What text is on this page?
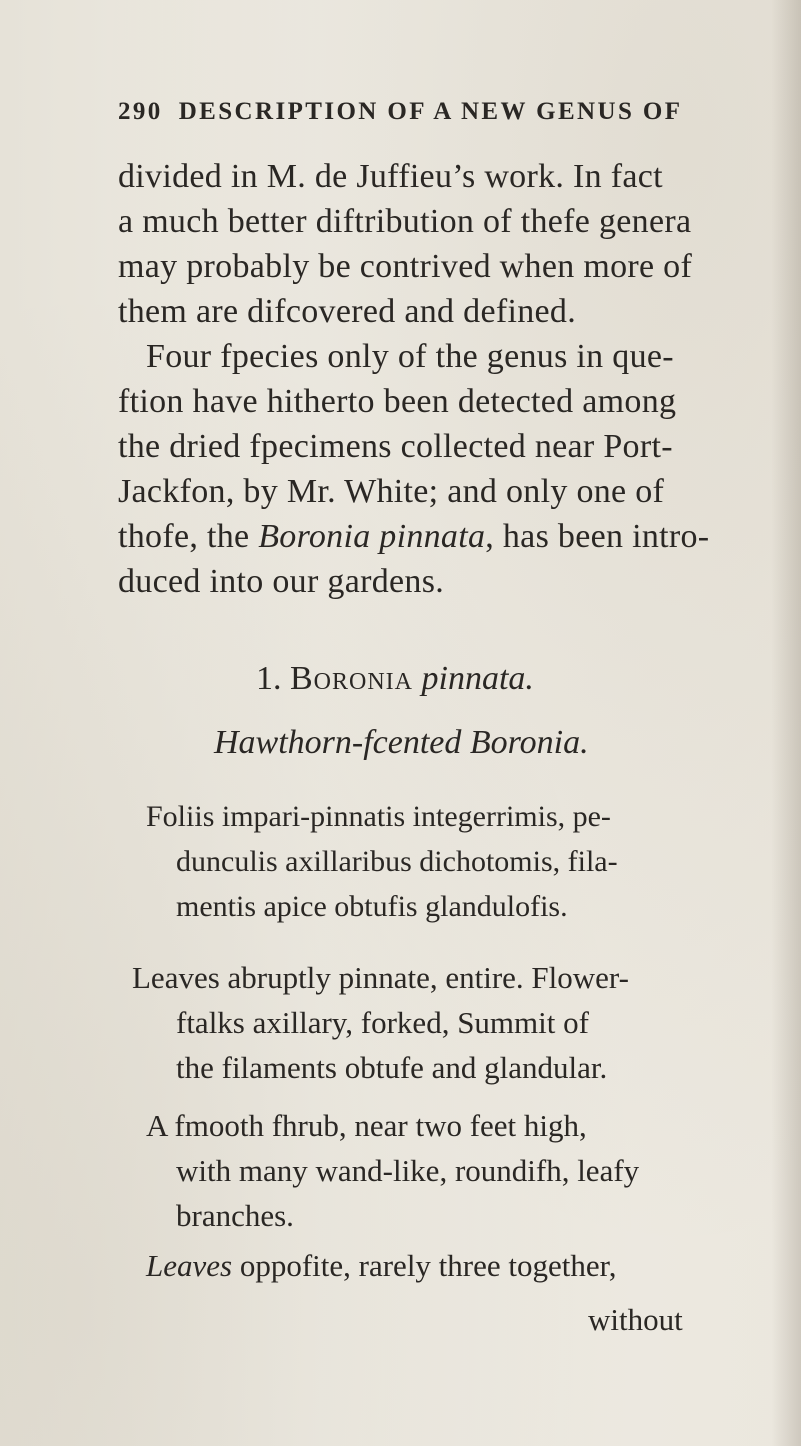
290 DESCRIPTION OF A NEW GENUS OF
divided in M. de Juffieu’s work. In fact
a much better diftribution of thefe genera
may probably be contrived when more of
them are difcovered and defined.
Four fpecies only of the genus in que-
ftion have hitherto been detected among
the dried fpecimens collected near Port-
Jackfon, by Mr. White; and only one of
thofe, the Boronia pinnata, has been intro-
duced into our gardens.
1. Boronia pinnata.
Hawthorn-fcented Boronia.
Foliis impari-pinnatis integerrimis, pe-
dunculis axillaribus dichotomis, fila-
mentis apice obtufis glandulofis.
Leaves abruptly pinnate, entire. Flower-
ftalks axillary, forked, Summit of
the filaments obtufe and glandular.
A fmooth fhrub, near two feet high,
with many wand-like, roundifh, leafy
branches.
Leaves oppofite, rarely three together,
without
